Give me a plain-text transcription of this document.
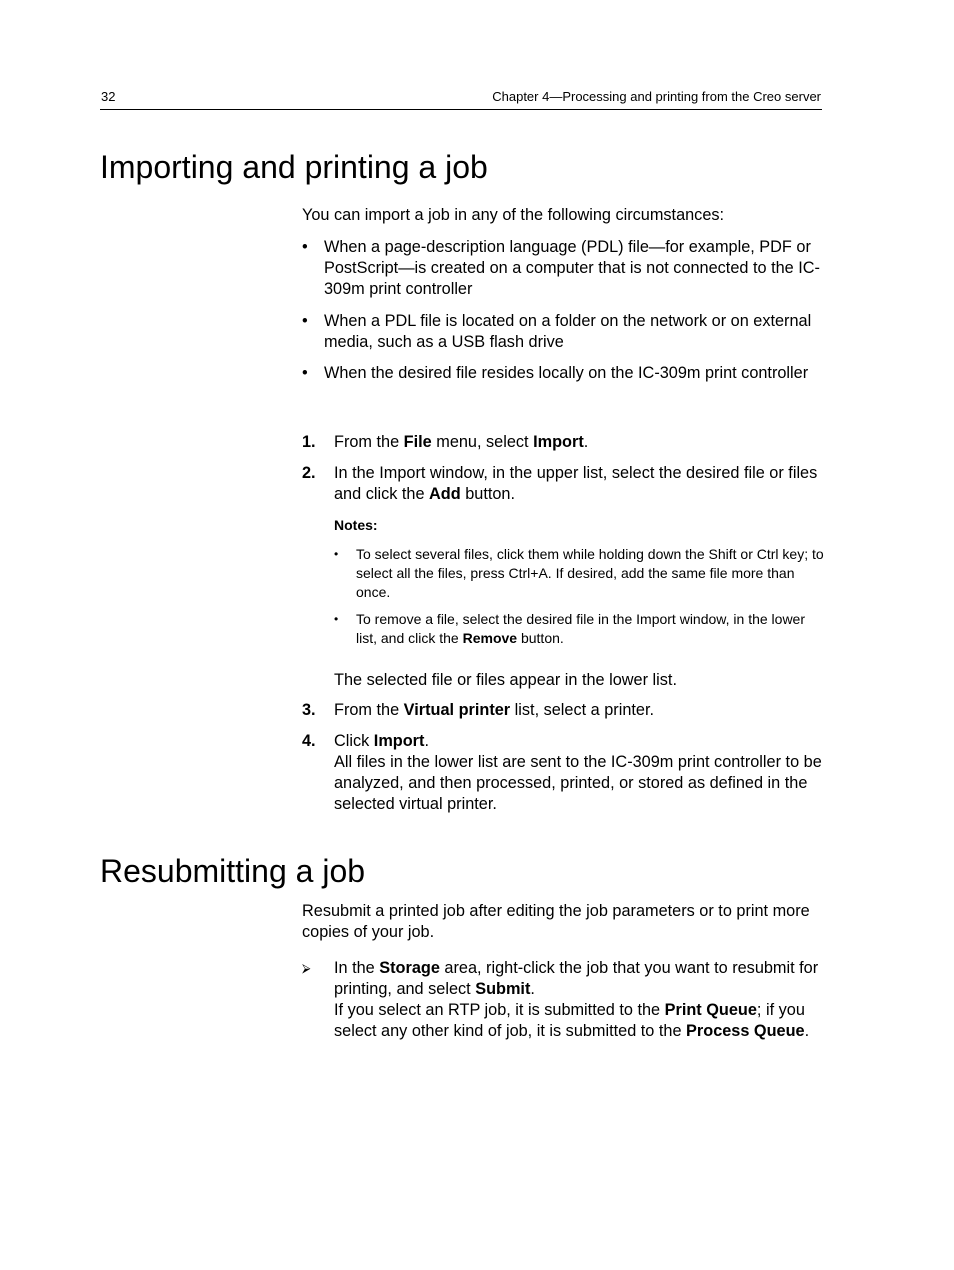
32	Chapter 4—Processing and printing from the Creo server
Importing and printing a job
You can import a job in any of the following circumstances:
• When a page-description language (PDL) file—for example, PDF or PostScript—is created on a computer that is not connected to the IC-309m print controller
• When a PDL file is located on a folder on the network or on external media, such as a USB flash drive
• When the desired file resides locally on the IC-309m print controller
1. From the File menu, select Import.
2. In the Import window, in the upper list, select the desired file or files and click the Add button.
Notes:
• To select several files, click them while holding down the Shift or Ctrl key; to select all the files, press Ctrl+A. If desired, add the same file more than once.
• To remove a file, select the desired file in the Import window, in the lower list, and click the Remove button.
The selected file or files appear in the lower list.
3. From the Virtual printer list, select a printer.
4. Click Import.
All files in the lower list are sent to the IC-309m print controller to be analyzed, and then processed, printed, or stored as defined in the selected virtual printer.
Resubmitting a job
Resubmit a printed job after editing the job parameters or to print more copies of your job.
⮚ In the Storage area, right-click the job that you want to resubmit for printing, and select Submit.
If you select an RTP job, it is submitted to the Print Queue; if you select any other kind of job, it is submitted to the Process Queue.
